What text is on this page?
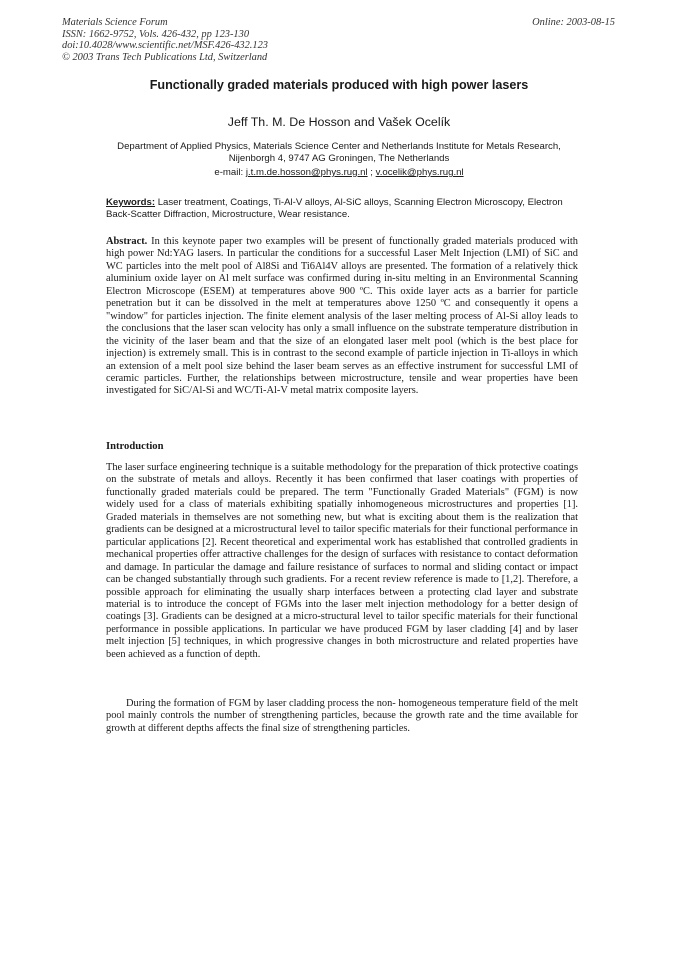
Materials Science Forum
ISSN: 1662-9752, Vols. 426-432, pp 123-130
doi:10.4028/www.scientific.net/MSF.426-432.123
© 2003 Trans Tech Publications Ltd, Switzerland
Online: 2003-08-15
Functionally graded materials produced with high power lasers
Jeff Th. M. De Hosson and Vašek Ocelík
Department of Applied Physics, Materials Science Center and Netherlands Institute for Metals Research, Nijenborgh 4, 9747 AG Groningen, The Netherlands
e-mail: j.t.m.de.hosson@phys.rug.nl ; v.ocelik@phys.rug.nl
Keywords: Laser treatment, Coatings, Ti-Al-V alloys, Al-SiC alloys, Scanning Electron Microscopy, Electron Back-Scatter Diffraction, Microstructure, Wear resistance.
Abstract. In this keynote paper two examples will be present of functionally graded materials produced with high power Nd:YAG lasers. In particular the conditions for a successful Laser Melt Injection (LMI) of SiC and WC particles into the melt pool of Al8Si and Ti6Al4V alloys are presented. The formation of a relatively thick aluminium oxide layer on Al melt surface was confirmed during in-situ melting in an Environmental Scanning Electron Microscope (ESEM) at temperatures above 900 ºC. This oxide layer acts as a barrier for particle penetration but it can be dissolved in the melt at temperatures above 1250 ºC and consequently it opens a "window" for particles injection. The finite element analysis of the laser melting process of Al-Si alloy leads to the conclusions that the laser scan velocity has only a small influence on the substrate temperature distribution in the vicinity of the laser beam and that the size of an elongated laser melt pool (which is the best place for injection) is extremely small. This is in contrast to the second example of particle injection in Ti-alloys in which an extension of a melt pool size behind the laser beam serves as an effective instrument for successful LMI of ceramic particles. Further, the relationships between microstructure, tensile and wear properties have been investigated for SiC/Al-Si and WC/Ti-Al-V metal matrix composite layers.
Introduction

The laser surface engineering technique is a suitable methodology for the preparation of thick protective coatings on the substrate of metals and alloys. Recently it has been confirmed that laser coatings with properties of functionally graded materials could be prepared. The term "Functionally Graded Materials" (FGM) is now widely used for a class of materials exhibiting spatially inhomogeneous microstructures and properties [1]. Graded materials in themselves are not something new, but what is exciting about them is the realization that gradients can be designed at a microstructural level to tailor specific materials for their functional performance in particular applications [2]. Recent theoretical and experimental work has established that controlled gradients in mechanical properties offer attractive challenges for the design of surfaces with resistance to contact deformation and damage. In particular the damage and failure resistance of surfaces to normal and sliding contact or impact can be changed substantially through such gradients. For a recent review reference is made to [1,2]. Therefore, a possible approach for eliminating the usually sharp interfaces between a protecting clad layer and substrate material is to introduce the concept of FGMs into the laser melt injection methodology for a better design of coatings [3]. Gradients can be designed at a micro-structural level to tailor specific materials for their functional performance in possible applications. In particular we have produced FGM by laser cladding [4] and by laser melt injection [5] techniques, in which progressive changes in both microstructure and related properties have been achieved as a function of depth.

During the formation of FGM by laser cladding process the non- homogeneous temperature field of the melt pool mainly controls the number of strengthening particles, because the growth rate and the time available for growth at different depths affects the final size of strengthening particles.
